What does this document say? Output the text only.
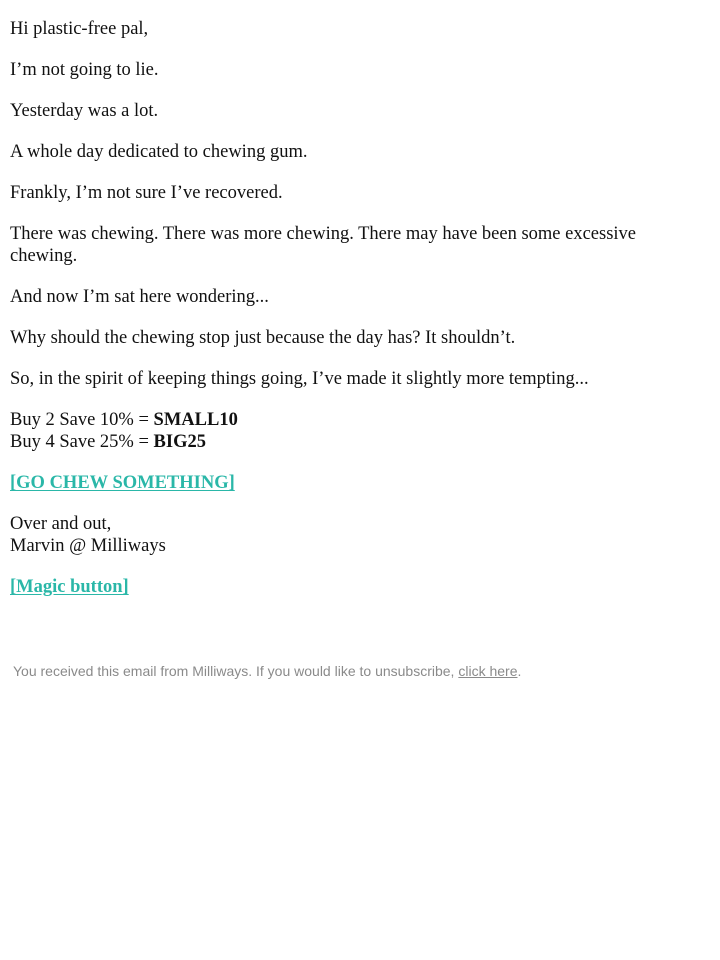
Hi plastic-free pal,

I’m not going to lie.

Yesterday was a lot.

A whole day dedicated to chewing gum.

Frankly, I’m not sure I’ve recovered.

There was chewing. There was more chewing. There may have been some excessive chewing.

And now I’m sat here wondering...

Why should the chewing stop just because the day has? It shouldn’t.

So, in the spirit of keeping things going, I’ve made it slightly more tempting...

Buy 2 Save 10% = SMALL10
Buy 4 Save 25% = BIG25

[GO CHEW SOMETHING]

Over and out,
Marvin @ Milliways

[Magic button]

You received this email from Milliways. If you would like to unsubscribe, click here.
